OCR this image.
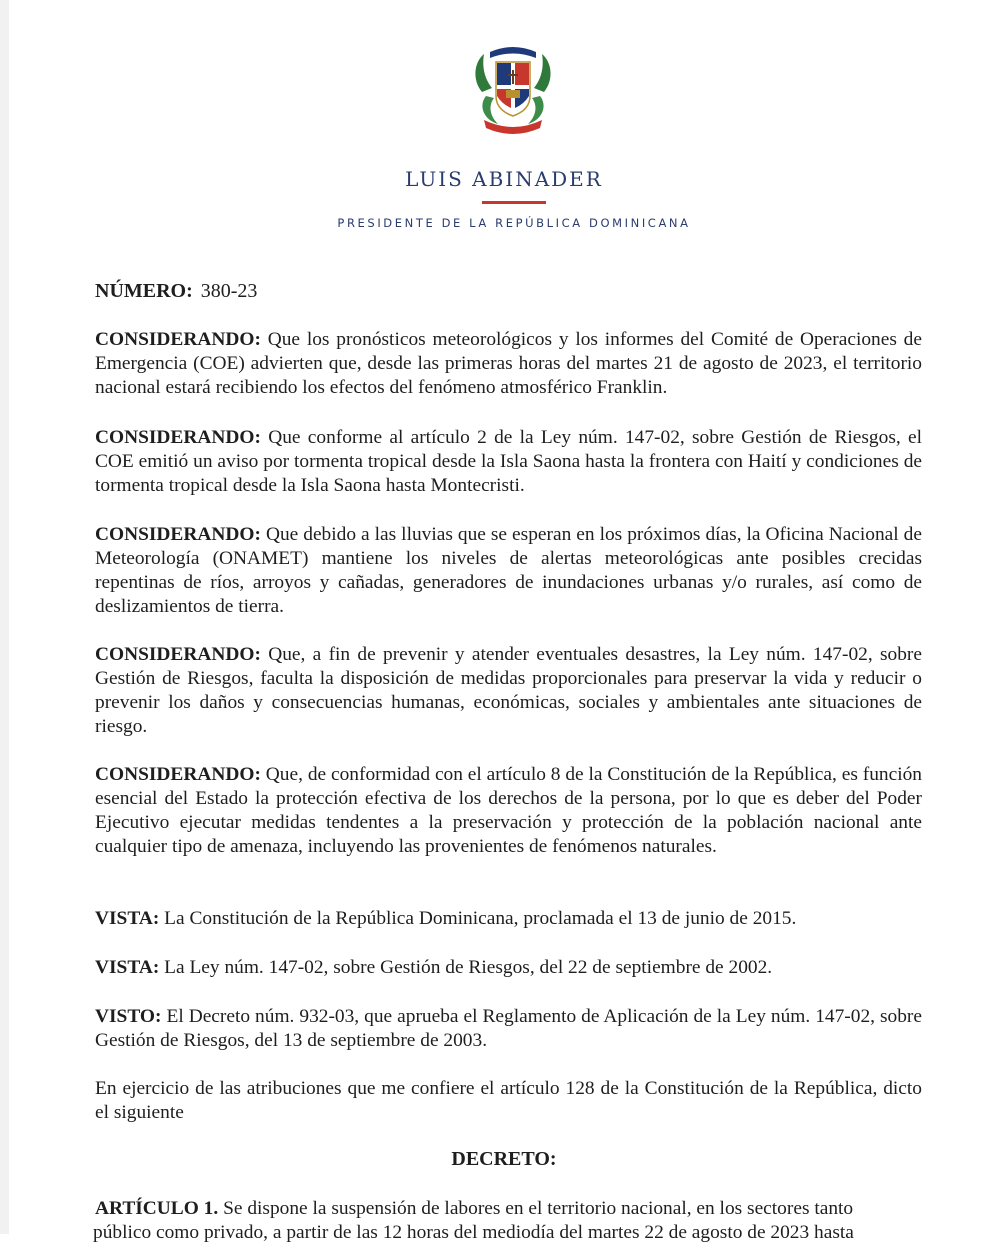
LUIS ABINADER
PRESIDENTE DE LA REPÚBLICA DOMINICANA
NÚMERO: 380-23

CONSIDERANDO: Que los pronósticos meteorológicos y los informes del Comité de Operaciones de Emergencia (COE) advierten que, desde las primeras horas del martes 21 de agosto de 2023, el territorio nacional estará recibiendo los efectos del fenómeno atmosférico Franklin.

CONSIDERANDO: Que conforme al artículo 2 de la Ley núm. 147-02, sobre Gestión de Riesgos, el COE emitió un aviso por tormenta tropical desde la Isla Saona hasta la frontera con Haití y condiciones de tormenta tropical desde la Isla Saona hasta Montecristi.

CONSIDERANDO: Que debido a las lluvias que se esperan en los próximos días, la Oficina Nacional de Meteorología (ONAMET) mantiene los niveles de alertas meteorológicas ante posibles crecidas repentinas de ríos, arroyos y cañadas, generadores de inundaciones urbanas y/o rurales, así como de deslizamientos de tierra.

CONSIDERANDO: Que, a fin de prevenir y atender eventuales desastres, la Ley núm. 147-02, sobre Gestión de Riesgos, faculta la disposición de medidas proporcionales para preservar la vida y reducir o prevenir los daños y consecuencias humanas, económicas, sociales y ambientales ante situaciones de riesgo.

CONSIDERANDO: Que, de conformidad con el artículo 8 de la Constitución de la República, es función esencial del Estado la protección efectiva de los derechos de la persona, por lo que es deber del Poder Ejecutivo ejecutar medidas tendentes a la preservación y protección de la población nacional ante cualquier tipo de amenaza, incluyendo las provenientes de fenómenos naturales.

VISTA: La Constitución de la República Dominicana, proclamada el 13 de junio de 2015.

VISTA: La Ley núm. 147-02, sobre Gestión de Riesgos, del 22 de septiembre de 2002.

VISTO: El Decreto núm. 932-03, que aprueba el Reglamento de Aplicación de la Ley núm. 147-02, sobre Gestión de Riesgos, del 13 de septiembre de 2003.

En ejercicio de las atribuciones que me confiere el artículo 128 de la Constitución de la República, dicto el siguiente

DECRETO:

ARTÍCULO 1. Se dispone la suspensión de labores en el territorio nacional, en los sectores tanto

público como privado, a partir de las 12 horas del mediodía del martes 22 de agosto de 2023 hasta
